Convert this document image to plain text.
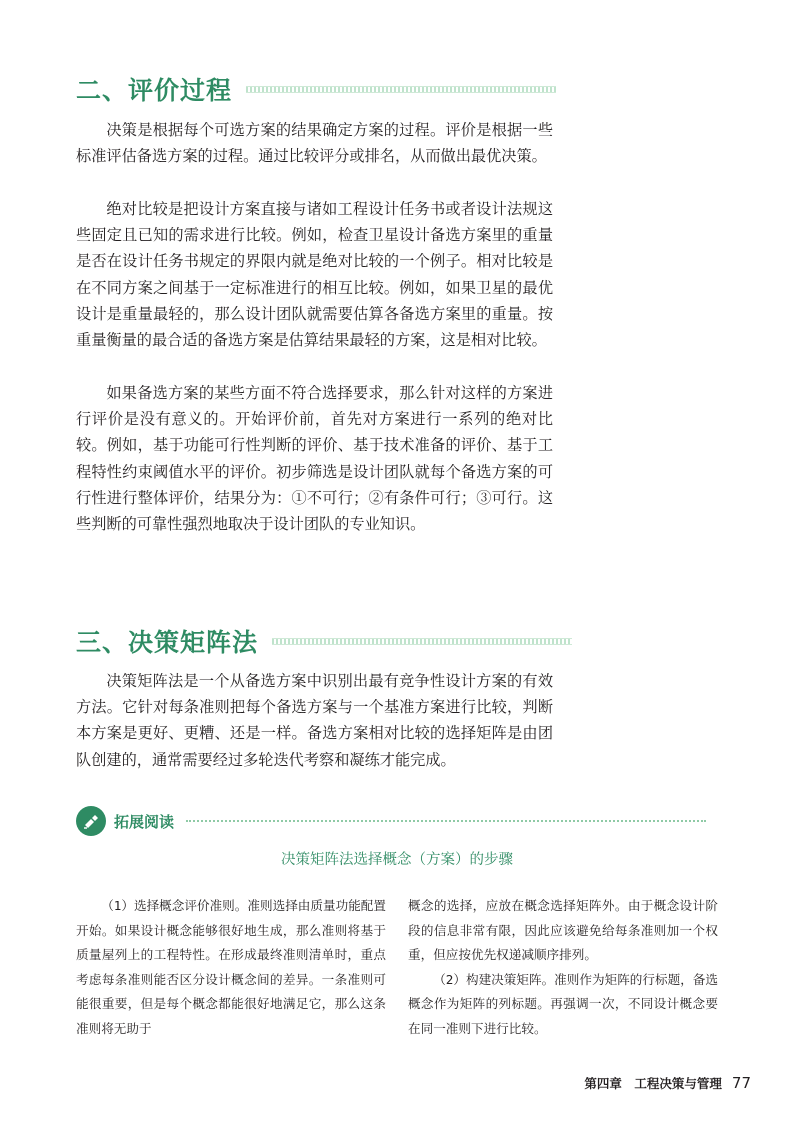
二、评价过程

决策是根据每个可选方案的结果确定方案的过程。评价是根据一些标准评估备选方案的过程。通过比较评分或排名，从而做出最优决策。

绝对比较是把设计方案直接与诸如工程设计任务书或者设计法规这些固定且已知的需求进行比较。例如，检查卫星设计备选方案里的重量是否在设计任务书规定的界限内就是绝对比较的一个例子。相对比较是在不同方案之间基于一定标准进行的相互比较。例如，如果卫星的最优设计是重量最轻的，那么设计团队就需要估算各备选方案里的重量。按重量衡量的最合适的备选方案是估算结果最轻的方案，这是相对比较。

如果备选方案的某些方面不符合选择要求，那么针对这样的方案进行评价是没有意义的。开始评价前，首先对方案进行一系列的绝对比较。例如，基于功能可行性判断的评价、基于技术准备的评价、基于工程特性约束阈值水平的评价。初步筛选是设计团队就每个备选方案的可行性进行整体评价，结果分为：①不可行；②有条件可行；③可行。这些判断的可靠性强烈地取决于设计团队的专业知识。

三、决策矩阵法

决策矩阵法是一个从备选方案中识别出最有竞争性设计方案的有效方法。它针对每条准则把每个备选方案与一个基准方案进行比较，判断本方案是更好、更糟、还是一样。备选方案相对比较的选择矩阵是由团队创建的，通常需要经过多轮迭代考察和凝练才能完成。

拓展阅读
决策矩阵法选择概念（方案）的步骤

（1）选择概念评价准则。准则选择由质量功能配置开始。如果设计概念能够很好地生成，那么准则将基于质量屋列上的工程特性。在形成最终准则清单时，重点考虑每条准则能否区分设计概念间的差异。一条准则可能很重要，但是每个概念都能很好地满足它，那么这条准则将无助于

概念的选择，应放在概念选择矩阵外。由于概念设计阶段的信息非常有限，因此应该避免给每条准则加一个权重，但应按优先权递减顺序排列。

（2）构建决策矩阵。准则作为矩阵的行标题，备选概念作为矩阵的列标题。再强调一次，不同设计概念要在同一准则下进行比较。

第四章　工程决策与管理 77
